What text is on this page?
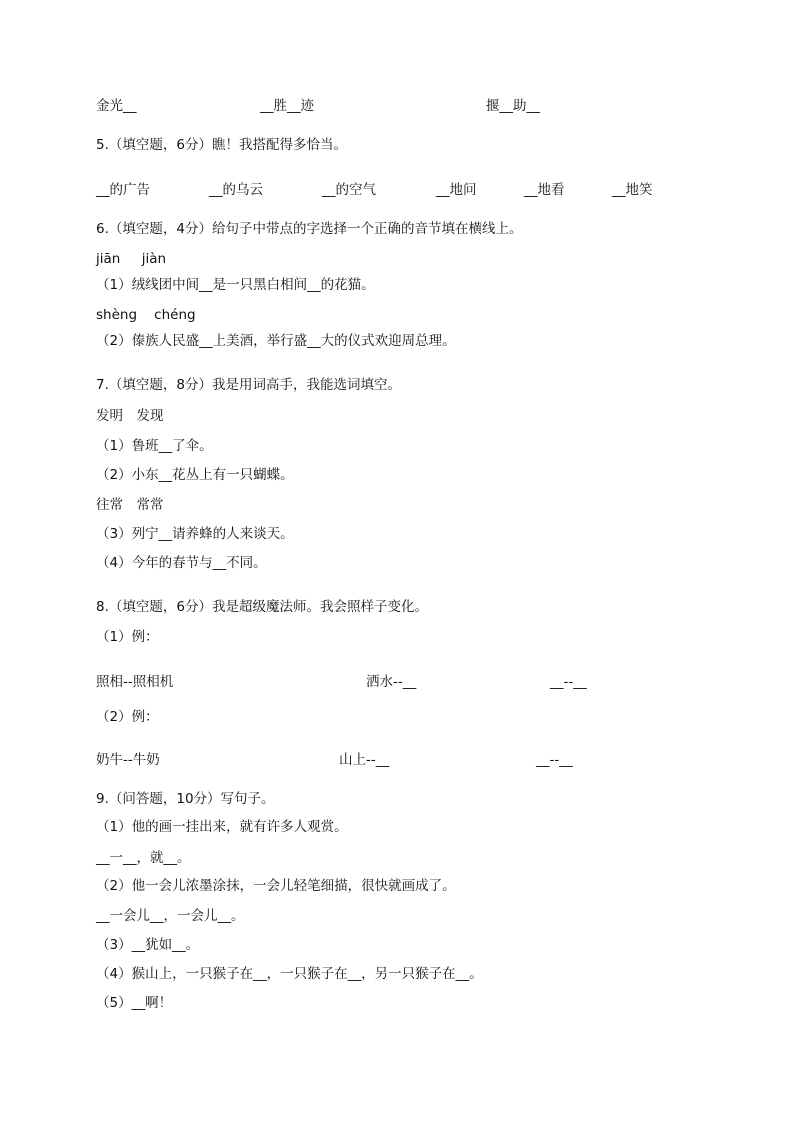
金光__	__胜__迹	揠__助__
5.（填空题，6分）瞧！我搭配得多恰当。
__的广告	__的乌云	__的空气	__地问	__地看	__地笑
6.（填空题，4分）给句子中带点的字选择一个正确的音节填在横线上。
jiān     jiàn
（1）绒线团中间__是一只黑白相间__的花猫。
shèng    chéng
（2）傣族人民盛__上美酒，举行盛__大的仪式欢迎周总理。
7.（填空题，8分）我是用词高手，我能选词填空。
发明　发现
（1）鲁班__了伞。
（2）小东__花丛上有一只蝴蝶。
往常　常常
（3）列宁__请养蜂的人来谈天。
（4）今年的春节与__不同。
8.（填空题，6分）我是超级魔法师。我会照样子变化。
（1）例：
照相--照相机	洒水--__	__--__
（2）例：
奶牛--牛奶	山上--__	__--__
9.（问答题，10分）写句子。
（1）他的画一挂出来，就有许多人观赏。
__一__，就__。
（2）他一会儿浓墨涂抹，一会儿轻笔细描，很快就画成了。
__一会儿__，一会儿__。
（3）__犹如__。
（4）猴山上，一只猴子在__，一只猴子在__，另一只猴子在__。
（5）__啊！
